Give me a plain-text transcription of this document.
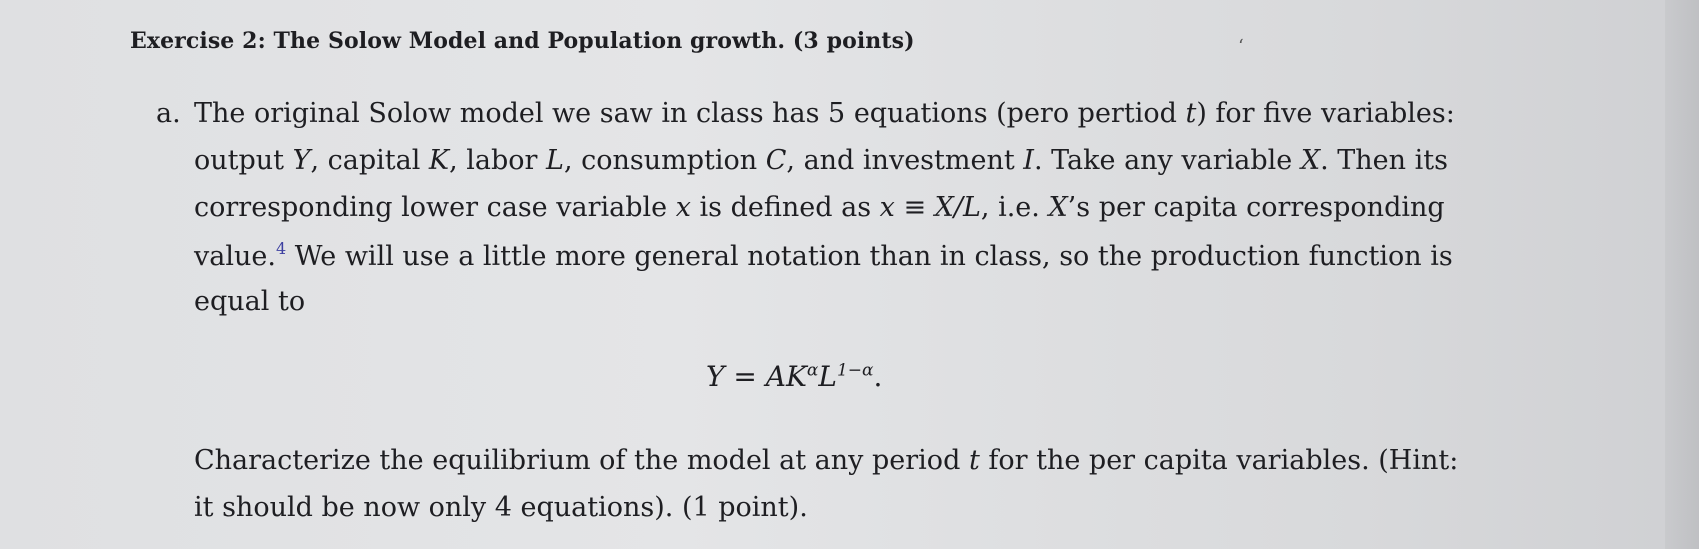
Exercise 2: The Solow Model and Population growth. (3 points)
a. The original Solow model we saw in class has 5 equations (pero pertiod t) for five variables:
output Y, capital K, labor L, consumption C, and investment I. Take any variable X. Then its
corresponding lower case variable x is defined as x ≡ X/L, i.e. X’s per capita corresponding
value.$^4$ We will use a little more general notation than in class, so the production function is
equal to
$Y = AK^\alpha L^{1-\alpha}$.
Characterize the equilibrium of the model at any period t for the per capita variables. (Hint:
it should be now only 4 equations). (1 point).
‘
